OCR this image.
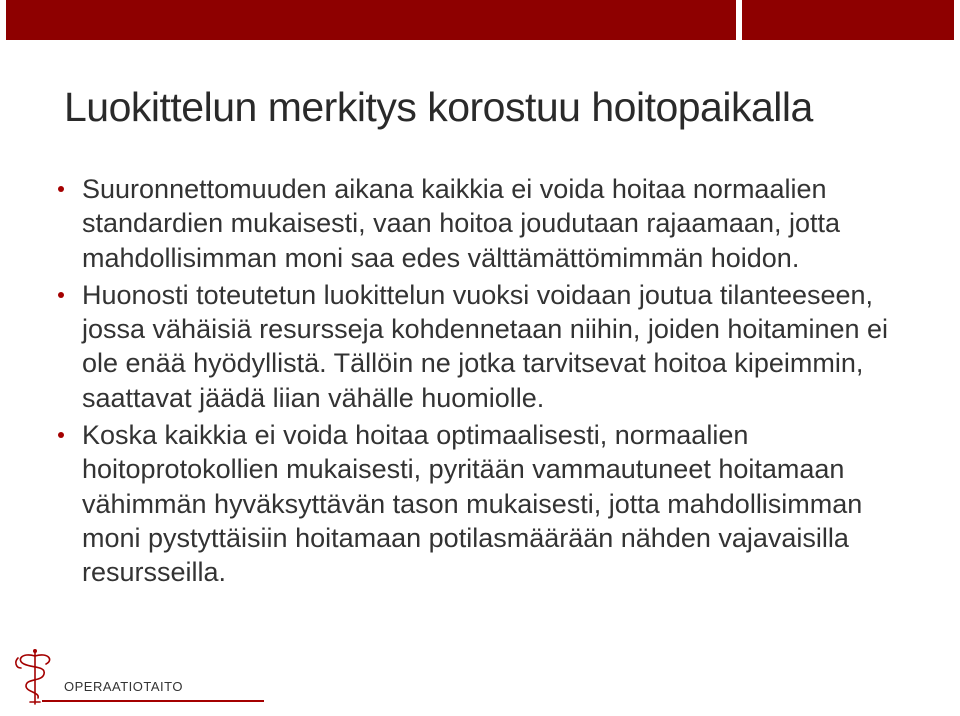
Luokittelun merkitys korostuu hoitopaikalla
Suuronnettomuuden aikana kaikkia ei voida hoitaa normaalien standardien mukaisesti, vaan hoitoa joudutaan rajaamaan, jotta mahdollisimman moni saa edes välttämättömimmän hoidon.
Huonosti toteutetun luokittelun vuoksi voidaan joutua tilanteeseen, jossa vähäisiä resursseja kohdennetaan niihin, joiden hoitaminen ei ole enää hyödyllistä. Tällöin ne jotka tarvitsevat hoitoa kipeimmin, saattavat jäädä liian vähälle huomiolle.
Koska kaikkia ei voida hoitaa optimaalisesti, normaalien hoitoprotokollien mukaisesti, pyritään vammautuneet hoitamaan vähimmän hyväksyttävän tason mukaisesti, jotta mahdollisimman moni pystyttäisiin hoitamaan potilasmäärään nähden vajavaisilla resursseilla.
OPERAATIOTAITO
